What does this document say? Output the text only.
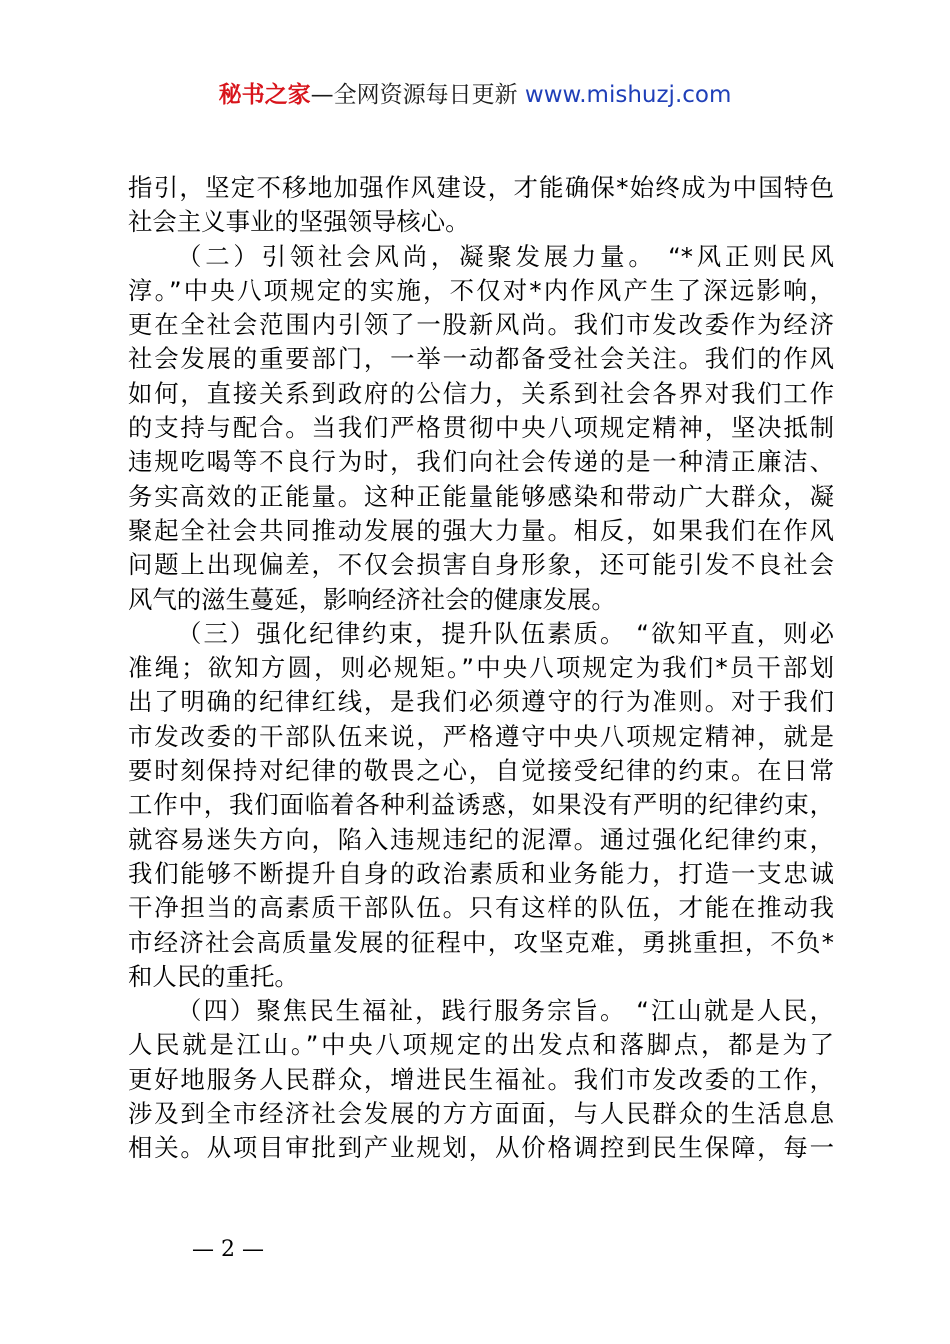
秘书之家—全网资源每日更新 www.mishuzj.com
指引，坚定不移地加强作风建设，才能确保*始终成为中国特色
社会主义事业的坚强领导核心。
（二）引领社会风尚，凝聚发展力量。 “*风正则民风
淳。”中央八项规定的实施，不仅对*内作风产生了深远影响，
更在全社会范围内引领了一股新风尚。我们市发改委作为经济
社会发展的重要部门，一举一动都备受社会关注。我们的作风
如何，直接关系到政府的公信力，关系到社会各界对我们工作
的支持与配合。当我们严格贯彻中央八项规定精神，坚决抵制
违规吃喝等不良行为时，我们向社会传递的是一种清正廉洁、
务实高效的正能量。这种正能量能够感染和带动广大群众，凝
聚起全社会共同推动发展的强大力量。相反，如果我们在作风
问题上出现偏差，不仅会损害自身形象，还可能引发不良社会
风气的滋生蔓延，影响经济社会的健康发展。
（三）强化纪律约束，提升队伍素质。 “欲知平直，则必
准绳；欲知方圆，则必规矩。”中央八项规定为我们*员干部划
出了明确的纪律红线，是我们必须遵守的行为准则。对于我们
市发改委的干部队伍来说，严格遵守中央八项规定精神，就是
要时刻保持对纪律的敬畏之心，自觉接受纪律的约束。在日常
工作中，我们面临着各种利益诱惑，如果没有严明的纪律约束，
就容易迷失方向，陷入违规违纪的泥潭。通过强化纪律约束，
我们能够不断提升自身的政治素质和业务能力，打造一支忠诚
干净担当的高素质干部队伍。只有这样的队伍，才能在推动我
市经济社会高质量发展的征程中，攻坚克难，勇挑重担，不负*
和人民的重托。
（四）聚焦民生福祉，践行服务宗旨。 “江山就是人民，
人民就是江山。”中央八项规定的出发点和落脚点，都是为了
更好地服务人民群众，增进民生福祉。我们市发改委的工作，
涉及到全市经济社会发展的方方面面，与人民群众的生活息息
相关。从项目审批到产业规划，从价格调控到民生保障，每一
— 2 —
